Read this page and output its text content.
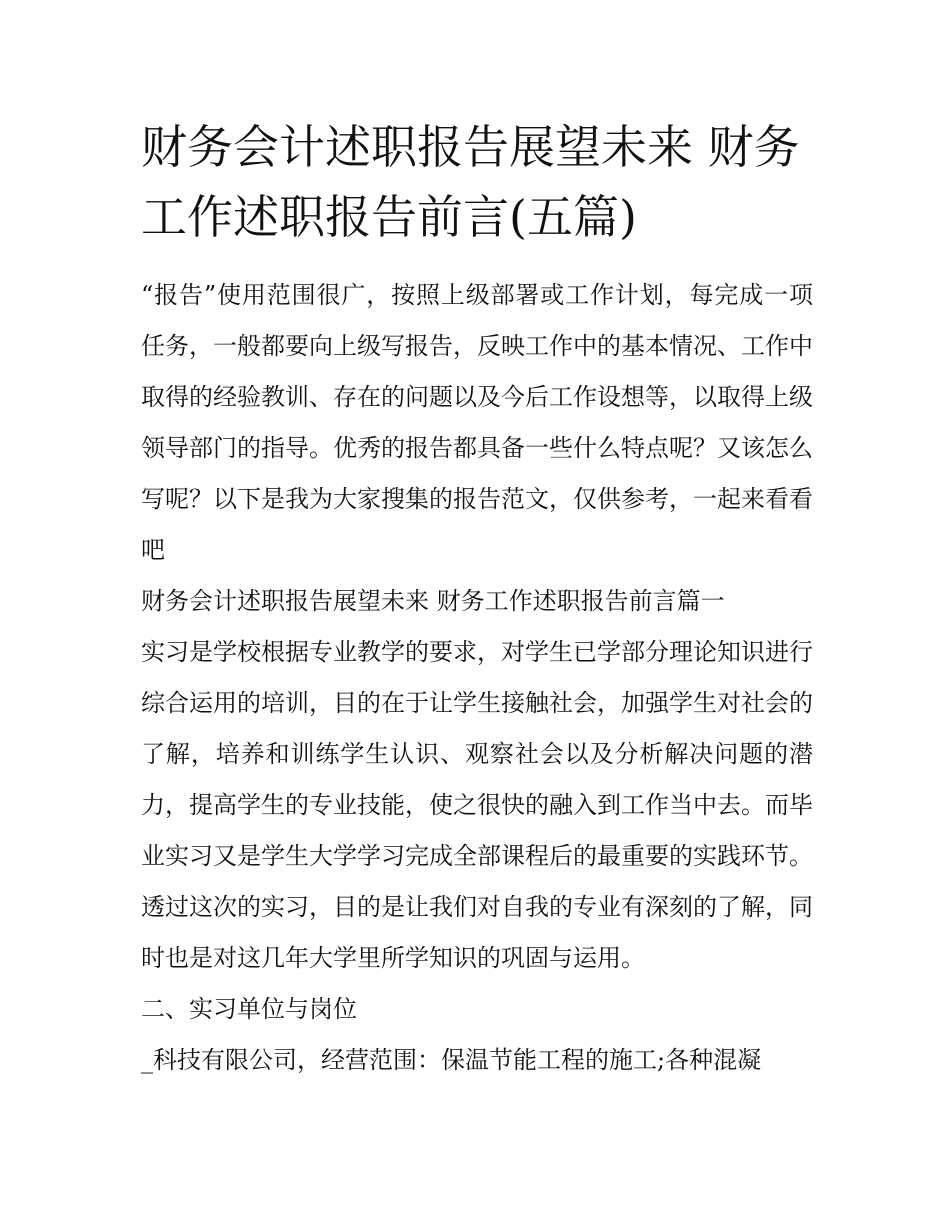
财务会计述职报告展望未来 财务工作述职报告前言(五篇)

“报告”使用范围很广，按照上级部署或工作计划，每完成一项任务，一般都要向上级写报告，反映工作中的基本情况、工作中取得的经验教训、存在的问题以及今后工作设想等，以取得上级领导部门的指导。优秀的报告都具备一些什么特点呢？又该怎么写呢？以下是我为大家搜集的报告范文，仅供参考，一起来看看吧

财务会计述职报告展望未来 财务工作述职报告前言篇一

实习是学校根据专业教学的要求，对学生已学部分理论知识进行综合运用的培训，目的在于让学生接触社会，加强学生对社会的了解，培养和训练学生认识、观察社会以及分析解决问题的潜力，提高学生的专业技能，使之很快的融入到工作当中去。而毕业实习又是学生大学学习完成全部课程后的最重要的实践环节。透过这次的实习，目的是让我们对自我的专业有深刻的了解，同时也是对这几年大学里所学知识的巩固与运用。

二、实习单位与岗位

_科技有限公司，经营范围：保温节能工程的施工;各种混凝
